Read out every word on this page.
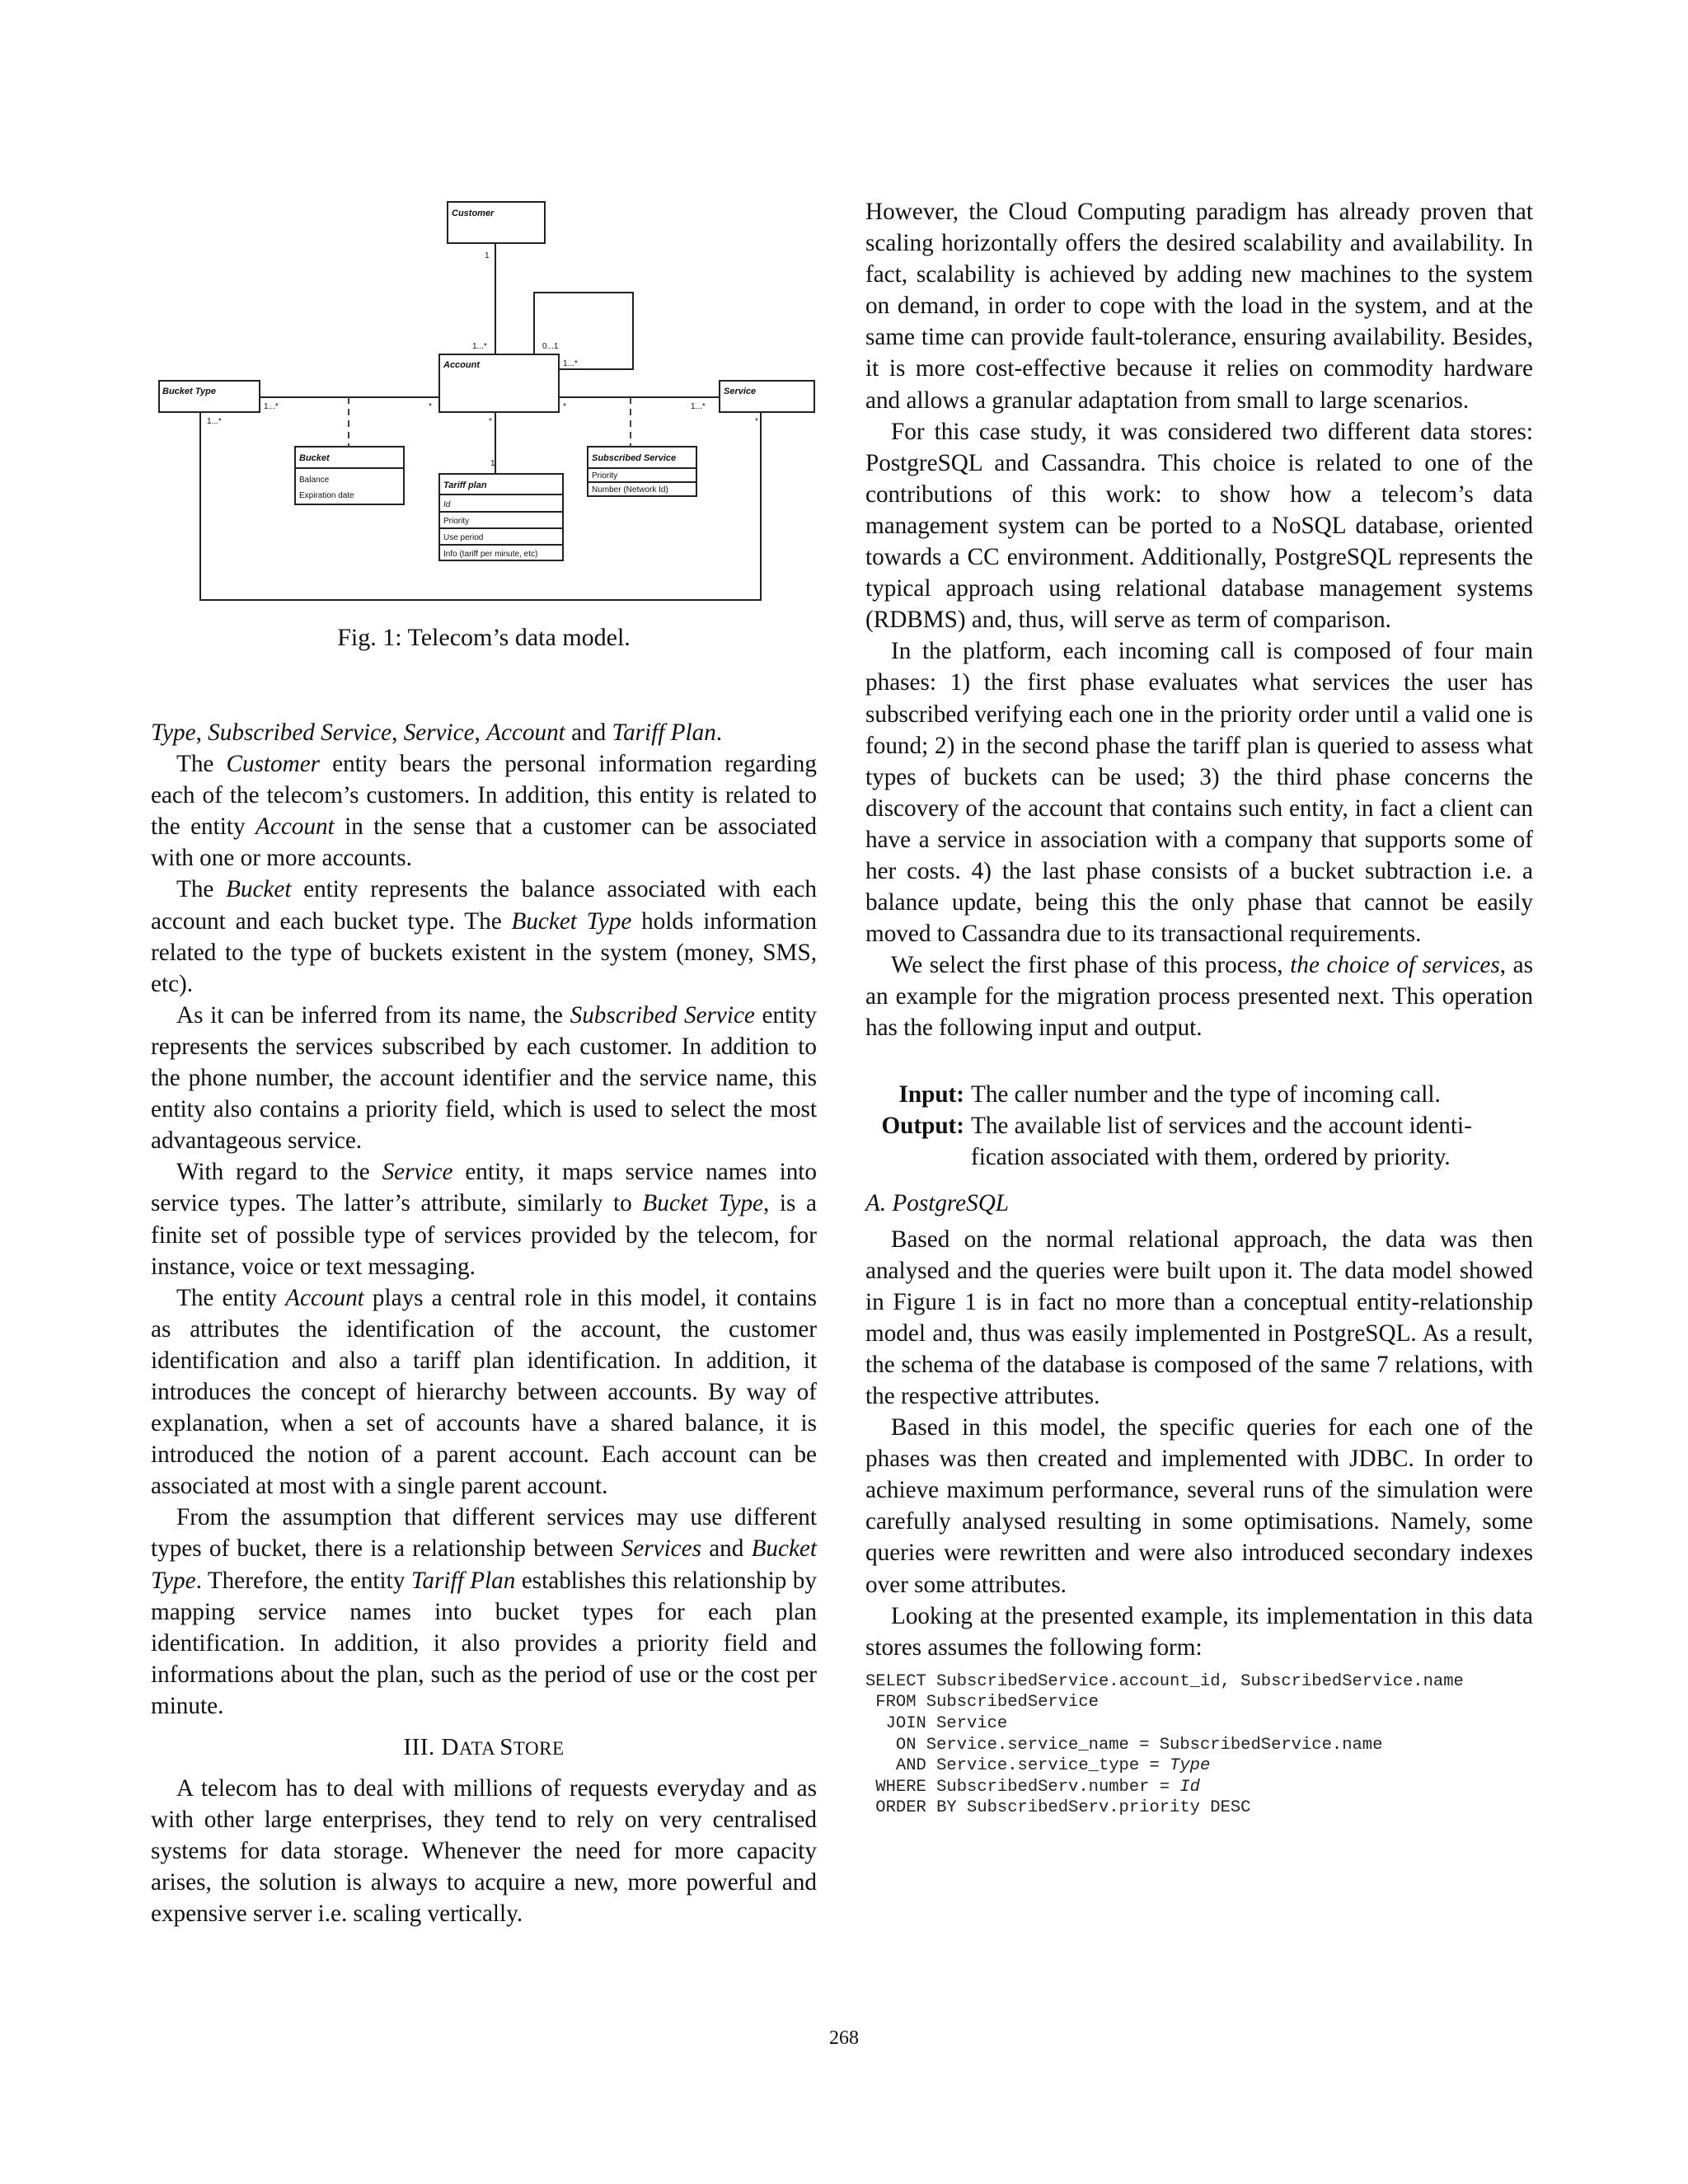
Customer
Account
Bucket Type	Service
Bucket
Balance
Expiration date
Tariff plan
Id
Priority
Use period
Info (tariff per minute, etc)
Subscribed Service
Priority
Number (Network Id)
1
1...*	0...1
1...*
1...*
1...*
*	*
*
1
1...*
*
Fig. 1: Telecom’s data model.

Type, Subscribed Service, Service, Account and Tariff Plan.

The Customer entity bears the personal information regarding each of the telecom’s customers. In addition, this entity is related to the entity Account in the sense that a customer can be associated with one or more accounts.

The Bucket entity represents the balance associated with each account and each bucket type. The Bucket Type holds information related to the type of buckets existent in the system (money, SMS, etc).

As it can be inferred from its name, the Subscribed Service entity represents the services subscribed by each customer. In addition to the phone number, the account identifier and the service name, this entity also contains a priority field, which is used to select the most advantageous service.

With regard to the Service entity, it maps service names into service types. The latter’s attribute, similarly to Bucket Type, is a finite set of possible type of services provided by the telecom, for instance, voice or text messaging.

The entity Account plays a central role in this model, it contains as attributes the identification of the account, the customer identification and also a tariff plan identification. In addition, it introduces the concept of hierarchy between accounts. By way of explanation, when a set of accounts have a shared balance, it is introduced the notion of a parent account. Each account can be associated at most with a single parent account.

From the assumption that different services may use different types of bucket, there is a relationship between Services and Bucket Type. Therefore, the entity Tariff Plan establishes this relationship by mapping service names into bucket types for each plan identification. In addition, it also provides a priority field and informations about the plan, such as the period of use or the cost per minute.

III. DATA STORE

A telecom has to deal with millions of requests everyday and as with other large enterprises, they tend to rely on very centralised systems for data storage. Whenever the need for more capacity arises, the solution is always to acquire a new, more powerful and expensive server i.e. scaling vertically.

However, the Cloud Computing paradigm has already proven that scaling horizontally offers the desired scalability and availability. In fact, scalability is achieved by adding new machines to the system on demand, in order to cope with the load in the system, and at the same time can provide fault-tolerance, ensuring availability. Besides, it is more cost-effective because it relies on commodity hardware and allows a granular adaptation from small to large scenarios.

For this case study, it was considered two different data stores: PostgreSQL and Cassandra. This choice is related to one of the contributions of this work: to show how a telecom’s data management system can be ported to a NoSQL database, oriented towards a CC environment. Additionally, PostgreSQL represents the typical approach using relational database management systems (RDBMS) and, thus, will serve as term of comparison.

In the platform, each incoming call is composed of four main phases: 1) the first phase evaluates what services the user has subscribed verifying each one in the priority order until a valid one is found; 2) in the second phase the tariff plan is queried to assess what types of buckets can be used; 3) the third phase concerns the discovery of the account that contains such entity, in fact a client can have a service in association with a company that supports some of her costs. 4) the last phase consists of a bucket subtraction i.e. a balance update, being this the only phase that cannot be easily moved to Cassandra due to its transactional requirements.

We select the first phase of this process, the choice of services, as an example for the migration process presented next. This operation has the following input and output.

Input: The caller number and the type of incoming call.
Output: The available list of services and the account identi-
fication associated with them, ordered by priority.
A. PostgreSQL

Based on the normal relational approach, the data was then analysed and the queries were built upon it. The data model showed in Figure 1 is in fact no more than a conceptual entity-relationship model and, thus was easily implemented in PostgreSQL. As a result, the schema of the database is composed of the same 7 relations, with the respective attributes.

Based in this model, the specific queries for each one of the phases was then created and implemented with JDBC. In order to achieve maximum performance, several runs of the simulation were carefully analysed resulting in some optimisations. Namely, some queries were rewritten and were also introduced secondary indexes over some attributes.

Looking at the presented example, its implementation in this data stores assumes the following form:

SELECT SubscribedService.account_id, SubscribedService.name
FROM SubscribedService
JOIN Service
ON Service.service_name = SubscribedService.name
AND Service.service_type = Type
WHERE SubscribedServ.number = Id
ORDER BY SubscribedServ.priority DESC
268
